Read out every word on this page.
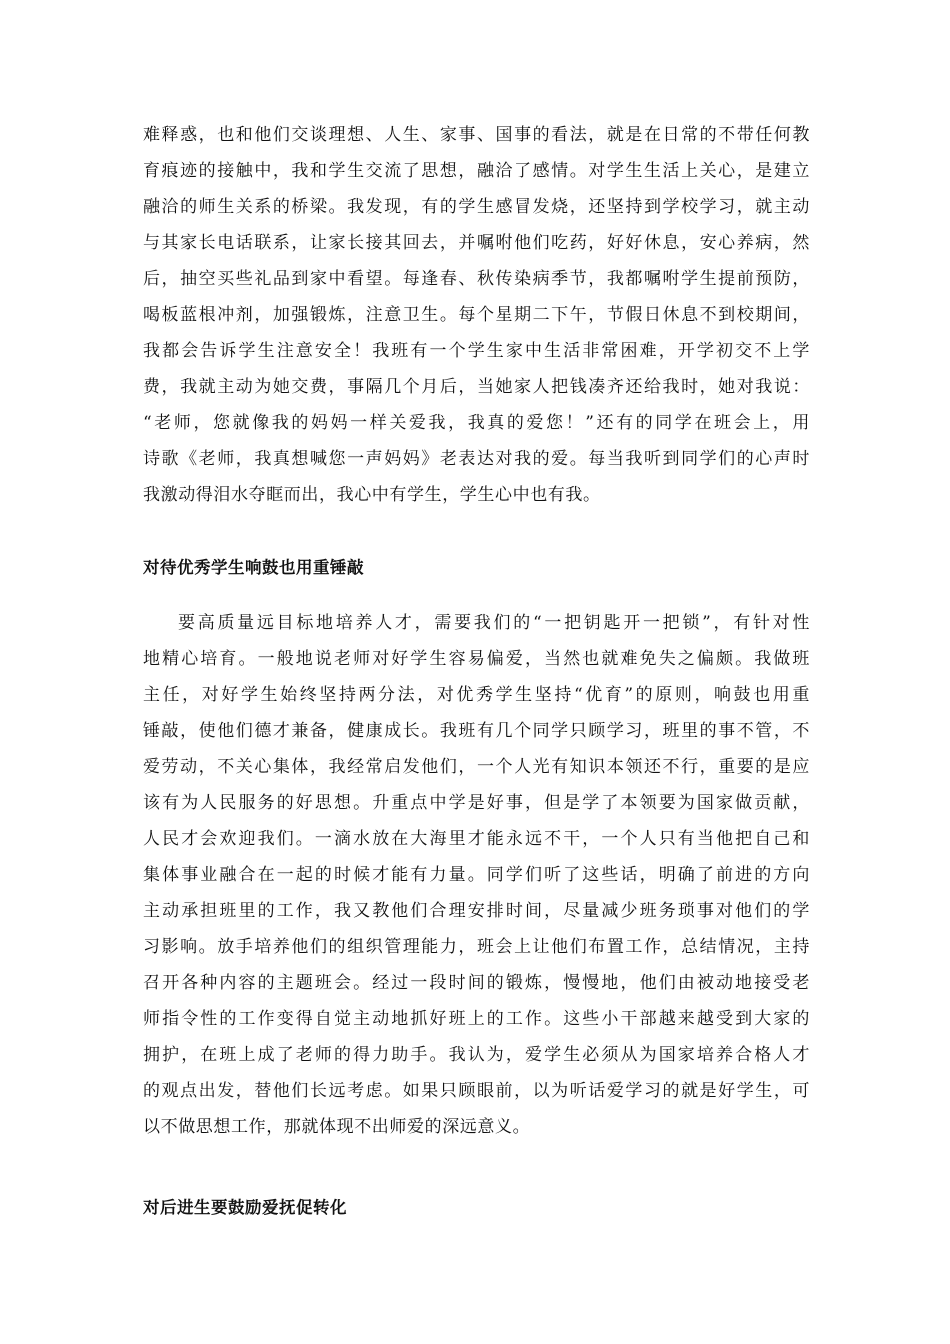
难释惑，也和他们交谈理想、人生、家事、国事的看法，就是在日常的不带任何教
育痕迹的接触中，我和学生交流了思想，融洽了感情。对学生生活上关心，是建立
融洽的师生关系的桥梁。我发现，有的学生感冒发烧，还坚持到学校学习，就主动
与其家长电话联系，让家长接其回去，并嘱咐他们吃药，好好休息，安心养病，然
后，抽空买些礼品到家中看望。每逢春、秋传染病季节，我都嘱咐学生提前预防，
喝板蓝根冲剂，加强锻炼，注意卫生。每个星期二下午，节假日休息不到校期间，
我都会告诉学生注意安全！我班有一个学生家中生活非常困难，开学初交不上学
费，我就主动为她交费，事隔几个月后，当她家人把钱凑齐还给我时，她对我说：
“老师，您就像我的妈妈一样关爱我，我真的爱您！”还有的同学在班会上，用
诗歌《老师，我真想喊您一声妈妈》老表达对我的爱。每当我听到同学们的心声时
我激动得泪水夺眶而出，我心中有学生，学生心中也有我。
对待优秀学生响鼓也用重锤敲
要高质量远目标地培养人才，需要我们的“一把钥匙开一把锁”，有针对性
地精心培育。一般地说老师对好学生容易偏爱，当然也就难免失之偏颇。我做班
主任，对好学生始终坚持两分法，对优秀学生坚持“优育”的原则，响鼓也用重
锤敲，使他们德才兼备，健康成长。我班有几个同学只顾学习，班里的事不管，不
爱劳动，不关心集体，我经常启发他们，一个人光有知识本领还不行，重要的是应
该有为人民服务的好思想。升重点中学是好事，但是学了本领要为国家做贡献，
人民才会欢迎我们。一滴水放在大海里才能永远不干，一个人只有当他把自己和
集体事业融合在一起的时候才能有力量。同学们听了这些话，明确了前进的方向
主动承担班里的工作，我又教他们合理安排时间，尽量减少班务琐事对他们的学
习影响。放手培养他们的组织管理能力，班会上让他们布置工作，总结情况，主持
召开各种内容的主题班会。经过一段时间的锻炼，慢慢地，他们由被动地接受老
师指令性的工作变得自觉主动地抓好班上的工作。这些小干部越来越受到大家的
拥护，在班上成了老师的得力助手。我认为，爱学生必须从为国家培养合格人才
的观点出发，替他们长远考虑。如果只顾眼前，以为听话爱学习的就是好学生，可
以不做思想工作，那就体现不出师爱的深远意义。
对后进生要鼓励爱抚促转化
